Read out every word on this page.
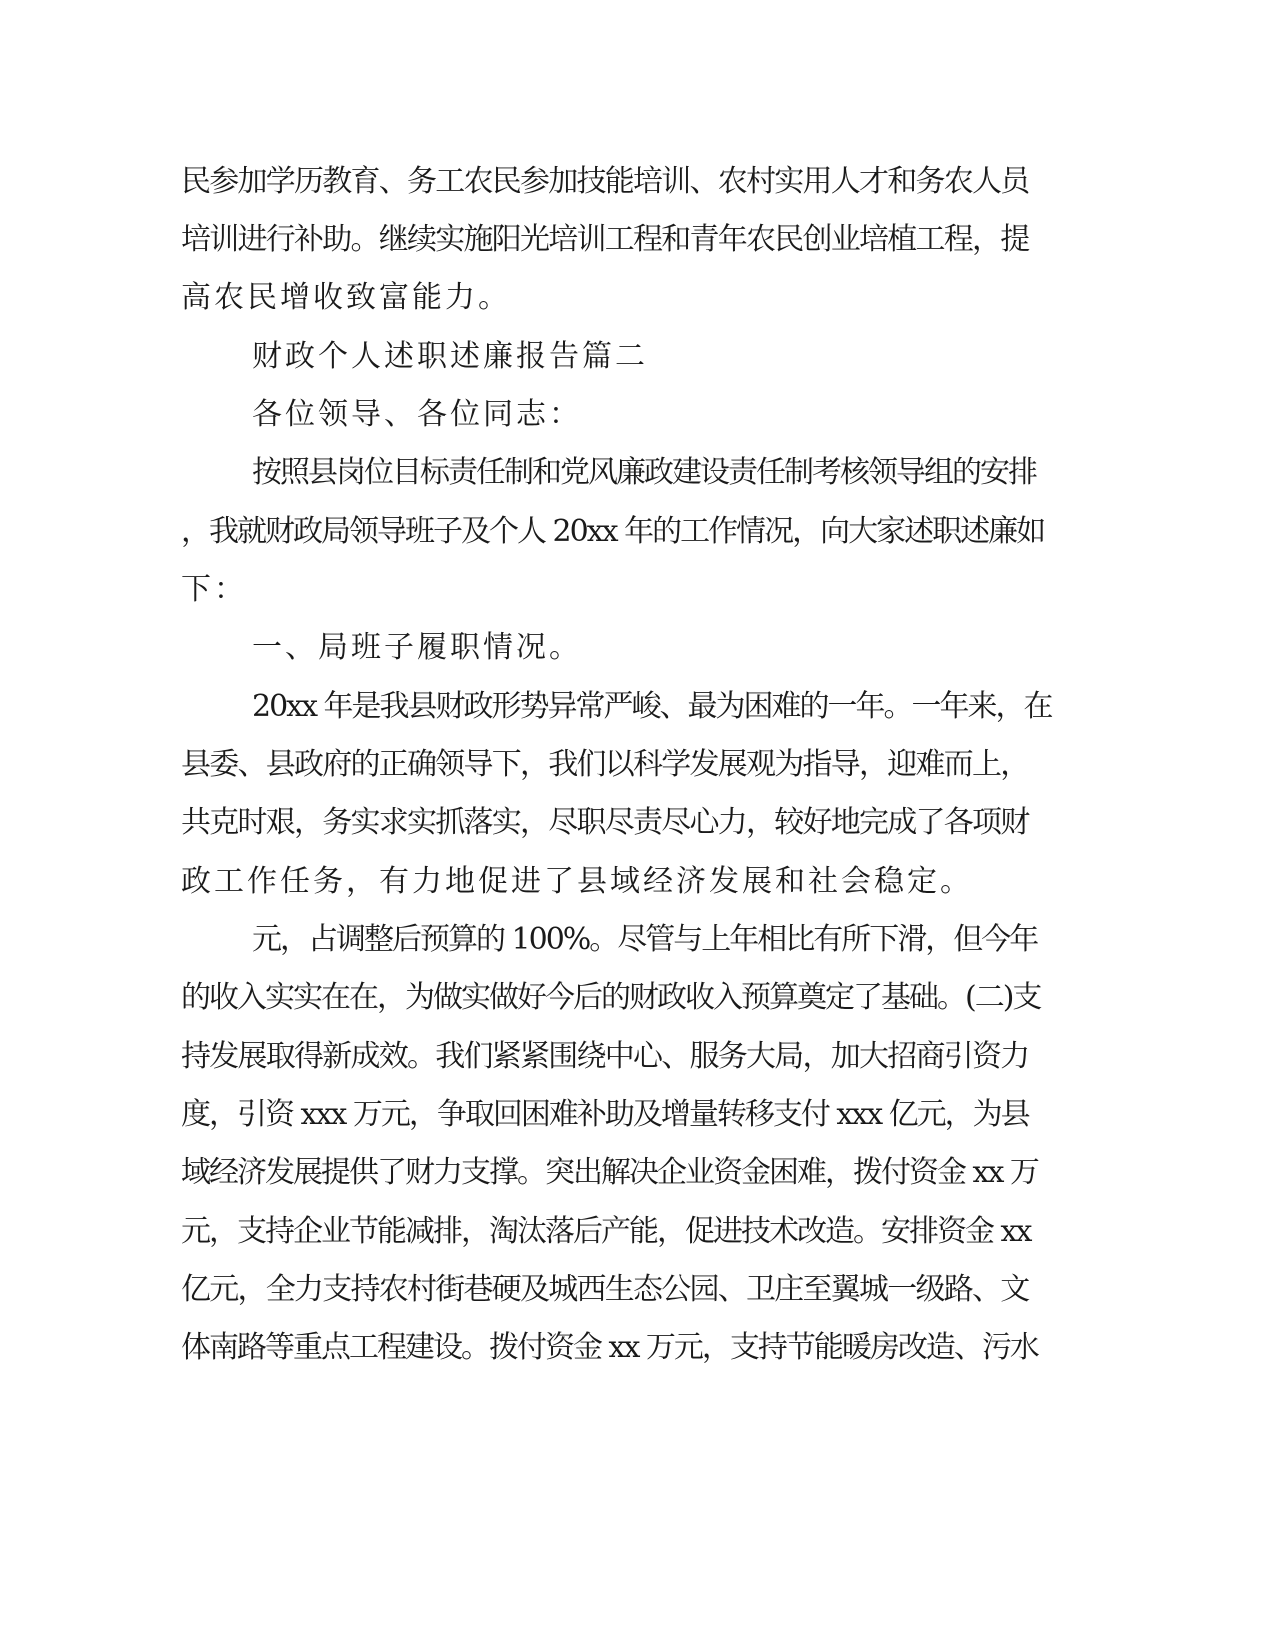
民参加学历教育、务工农民参加技能培训、农村实用人才和务农人员
培训进行补助。继续实施阳光培训工程和青年农民创业培植工程，提
高农民增收致富能力。
财政个人述职述廉报告篇二
各位领导、各位同志：
按照县岗位目标责任制和党风廉政建设责任制考核领导组的安排
，我就财政局领导班子及个人 20xx 年的工作情况，向大家述职述廉如
下：
一、局班子履职情况。
20xx 年是我县财政形势异常严峻、最为困难的一年。一年来，在
县委、县政府的正确领导下，我们以科学发展观为指导，迎难而上，
共克时艰，务实求实抓落实，尽职尽责尽心力，较好地完成了各项财
政工作任务，有力地促进了县域经济发展和社会稳定。
元，占调整后预算的 100%。尽管与上年相比有所下滑，但今年
的收入实实在在，为做实做好今后的财政收入预算奠定了基础。(二)支
持发展取得新成效。我们紧紧围绕中心、服务大局，加大招商引资力
度，引资 xxx 万元，争取回困难补助及增量转移支付 xxx 亿元，为县
域经济发展提供了财力支撑。突出解决企业资金困难，拨付资金 xx 万
元，支持企业节能减排，淘汰落后产能，促进技术改造。安排资金 xx
亿元，全力支持农村街巷硬及城西生态公园、卫庄至翼城一级路、文
体南路等重点工程建设。拨付资金 xx 万元，支持节能暖房改造、污水
